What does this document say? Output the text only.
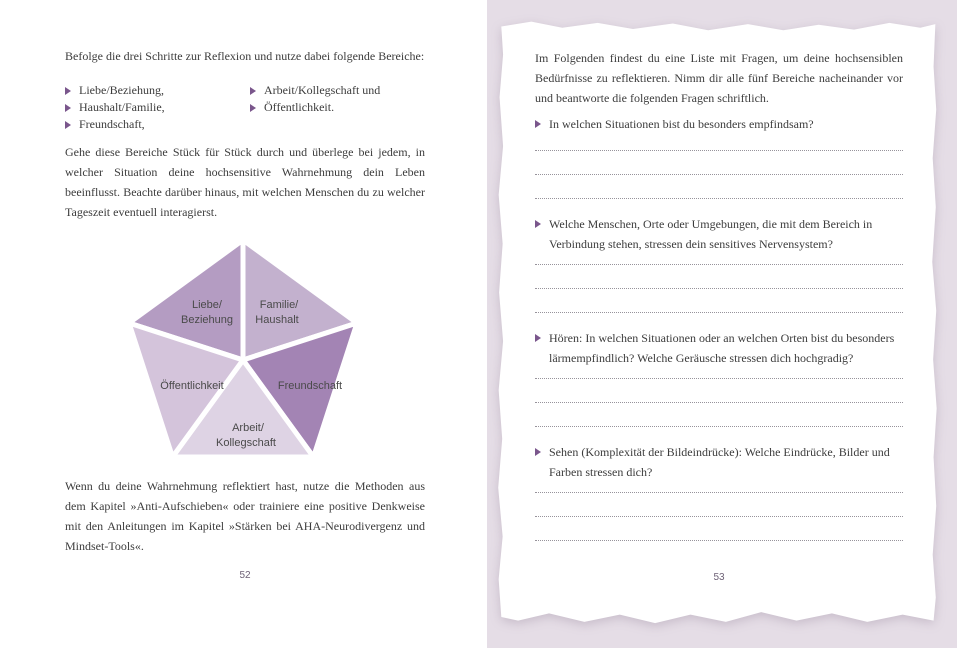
Befolge die drei Schritte zur Reflexion und nutze dabei folgende Bereiche:
Liebe/Beziehung,
Haushalt/Familie,
Freundschaft,
Arbeit/Kollegschaft und
Öffentlichkeit.
Gehe diese Bereiche Stück für Stück durch und überlege bei jedem, in welcher Situation deine hochsensitive Wahrnehmung dein Leben beeinflusst. Beachte darüber hinaus, mit welchen Menschen du zu welcher Tageszeit eventuell interagierst.
Liebe/
Beziehung
Familie/
Haushalt
Freundschaft
Arbeit/
Kollegschaft
Öffentlichkeit
Wenn du deine Wahrnehmung reflektiert hast, nutze die Methoden aus dem Kapitel »Anti-Aufschieben« oder trainiere eine positive Denkweise mit den Anleitungen im Kapitel »Stärken bei AHA-Neurodivergenz und Mindset-Tools«.
52
Im Folgenden findest du eine Liste mit Fragen, um deine hochsensiblen Bedürfnisse zu reflektieren. Nimm dir alle fünf Bereiche nacheinander vor und beantworte die folgenden Fragen schriftlich.
In welchen Situationen bist du besonders empfindsam?
Welche Menschen, Orte oder Umgebungen, die mit dem Bereich in Verbindung stehen, stressen dein sensitives Nervensystem?
Hören: In welchen Situationen oder an welchen Orten bist du besonders lärmempfindlich? Welche Geräusche stressen dich hochgradig?
Sehen (Komplexität der Bildeindrücke): Welche Eindrücke, Bilder und Farben stressen dich?
53
